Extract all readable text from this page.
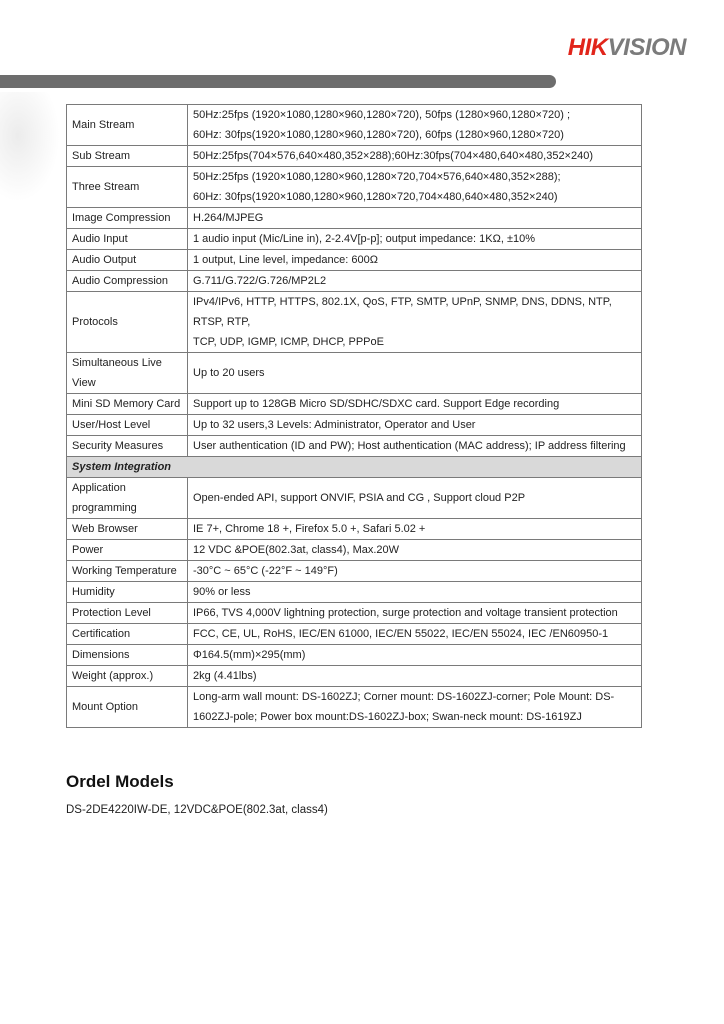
HIKVISION
Main Stream	50Hz:25fps (1920×1080,1280×960,1280×720), 50fps (1280×960,1280×720) ;
60Hz: 30fps(1920×1080,1280×960,1280×720), 60fps (1280×960,1280×720)

Sub Stream	50Hz:25fps(704×576,640×480,352×288);60Hz:30fps(704×480,640×480,352×240)

Three Stream	50Hz:25fps (1920×1080,1280×960,1280×720,704×576,640×480,352×288);
60Hz: 30fps(1920×1080,1280×960,1280×720,704×480,640×480,352×240)

Image Compression	H.264/MJPEG

Audio Input	1 audio input (Mic/Line in), 2-2.4V[p-p]; output impedance: 1KΩ, ±10%

Audio Output	1 output, Line level, impedance: 600Ω

Audio Compression	G.711/G.722/G.726/MP2L2

Protocols	IPv4/IPv6, HTTP, HTTPS, 802.1X, QoS, FTP, SMTP, UPnP, SNMP, DNS, DDNS, NTP, RTSP, RTP,
TCP, UDP, IGMP, ICMP, DHCP, PPPoE

Simultaneous Live View	Up to 20 users

Mini SD Memory Card	Support up to 128GB Micro SD/SDHC/SDXC card. Support Edge recording

User/Host Level	Up to 32 users,3 Levels: Administrator, Operator and User

Security Measures	User authentication (ID and PW); Host authentication (MAC address); IP address filtering

System Integration	
Application programming	Open-ended API, support ONVIF, PSIA and CG , Support cloud P2P

Web Browser	IE 7+, Chrome 18 +, Firefox 5.0 +, Safari 5.02 +

Power	12 VDC &POE(802.3at, class4), Max.20W

Working Temperature	-30°C ~ 65°C (-22°F ~ 149°F)

Humidity	90% or less

Protection Level	IP66, TVS 4,000V lightning protection, surge protection and voltage transient protection

Certification	FCC, CE, UL, RoHS, IEC/EN 61000, IEC/EN 55022, IEC/EN 55024, IEC /EN60950-1

Dimensions	Φ164.5(mm)×295(mm)

Weight (approx.)	2kg (4.41lbs)

Mount Option	Long-arm wall mount: DS-1602ZJ; Corner mount: DS-1602ZJ-corner; Pole Mount: DS-
1602ZJ-pole; Power box mount:DS-1602ZJ-box; Swan-neck mount: DS-1619ZJ
Ordel Models
DS-2DE4220IW-DE, 12VDC&POE(802.3at, class4)
